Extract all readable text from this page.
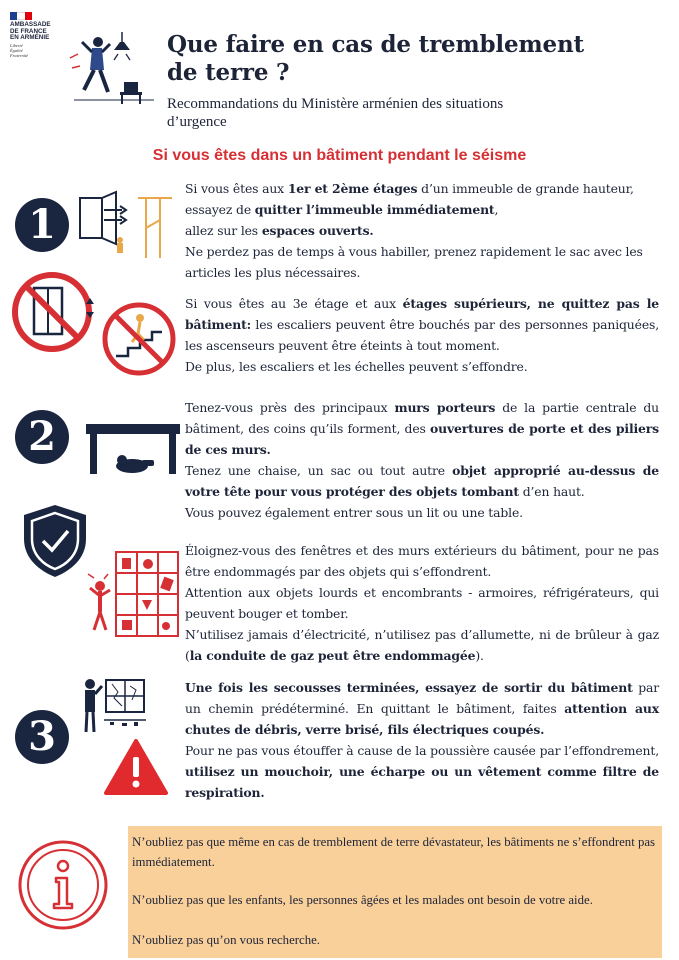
AMBASSADE
DE FRANCE
EN ARMÉNIE
Liberté
Égalité
Fraternité	Que faire en cas de tremblement
de terre ?
Recommandations du Ministère arménien des situations
d’urgence
Si vous êtes dans un bâtiment pendant le séisme
1
Si vous êtes aux 1er et 2ème étages d’un immeuble de grande hauteur,
essayez de quitter l’immeuble immédiatement,
allez sur les espaces ouverts.
Ne perdez pas de temps à vous habiller, prenez rapidement le sac avec les articles les plus nécessaires.
Si vous êtes au 3e étage et aux étages supérieurs, ne quittez pas le bâtiment: les escaliers peuvent être bouchés par des personnes paniquées, les ascenseurs peuvent être éteints à tout moment.
De plus, les escaliers et les échelles peuvent s’effondre.
2
Tenez-vous près des principaux murs porteurs de la partie centrale du bâtiment, des coins qu’ils forment, des ouvertures de porte et des piliers de ces murs.
Tenez une chaise, un sac ou tout autre objet approprié au-dessus de votre tête pour vous protéger des objets tombant d’en haut.
Vous pouvez également entrer sous un lit ou une table.
Éloignez-vous des fenêtres et des murs extérieurs du bâtiment, pour ne pas être endommagés par des objets qui s’effondrent.
Attention aux objets lourds et encombrants - armoires, réfrigérateurs, qui peuvent bouger et tomber.
N’utilisez jamais d’électricité, n’utilisez pas d’allumette, ni de brûleur à gaz (la conduite de gaz peut être endommagée).
3
Une fois les secousses terminées, essayez de sortir du bâtiment par un chemin prédéterminé. En quittant le bâtiment, faites attention aux chutes de débris, verre brisé, fils électriques coupés.
Pour ne pas vous étouffer à cause de la poussière causée par l’effondrement, utilisez un mouchoir, une écharpe ou un vêtement comme filtre de respiration.
N’oubliez pas que même en cas de tremblement de terre dévastateur, les bâtiments ne s’effondrent pas immédiatement.
N’oubliez pas que les enfants, les personnes âgées et les malades ont besoin de votre aide.
N’oubliez pas qu’on vous recherche.
